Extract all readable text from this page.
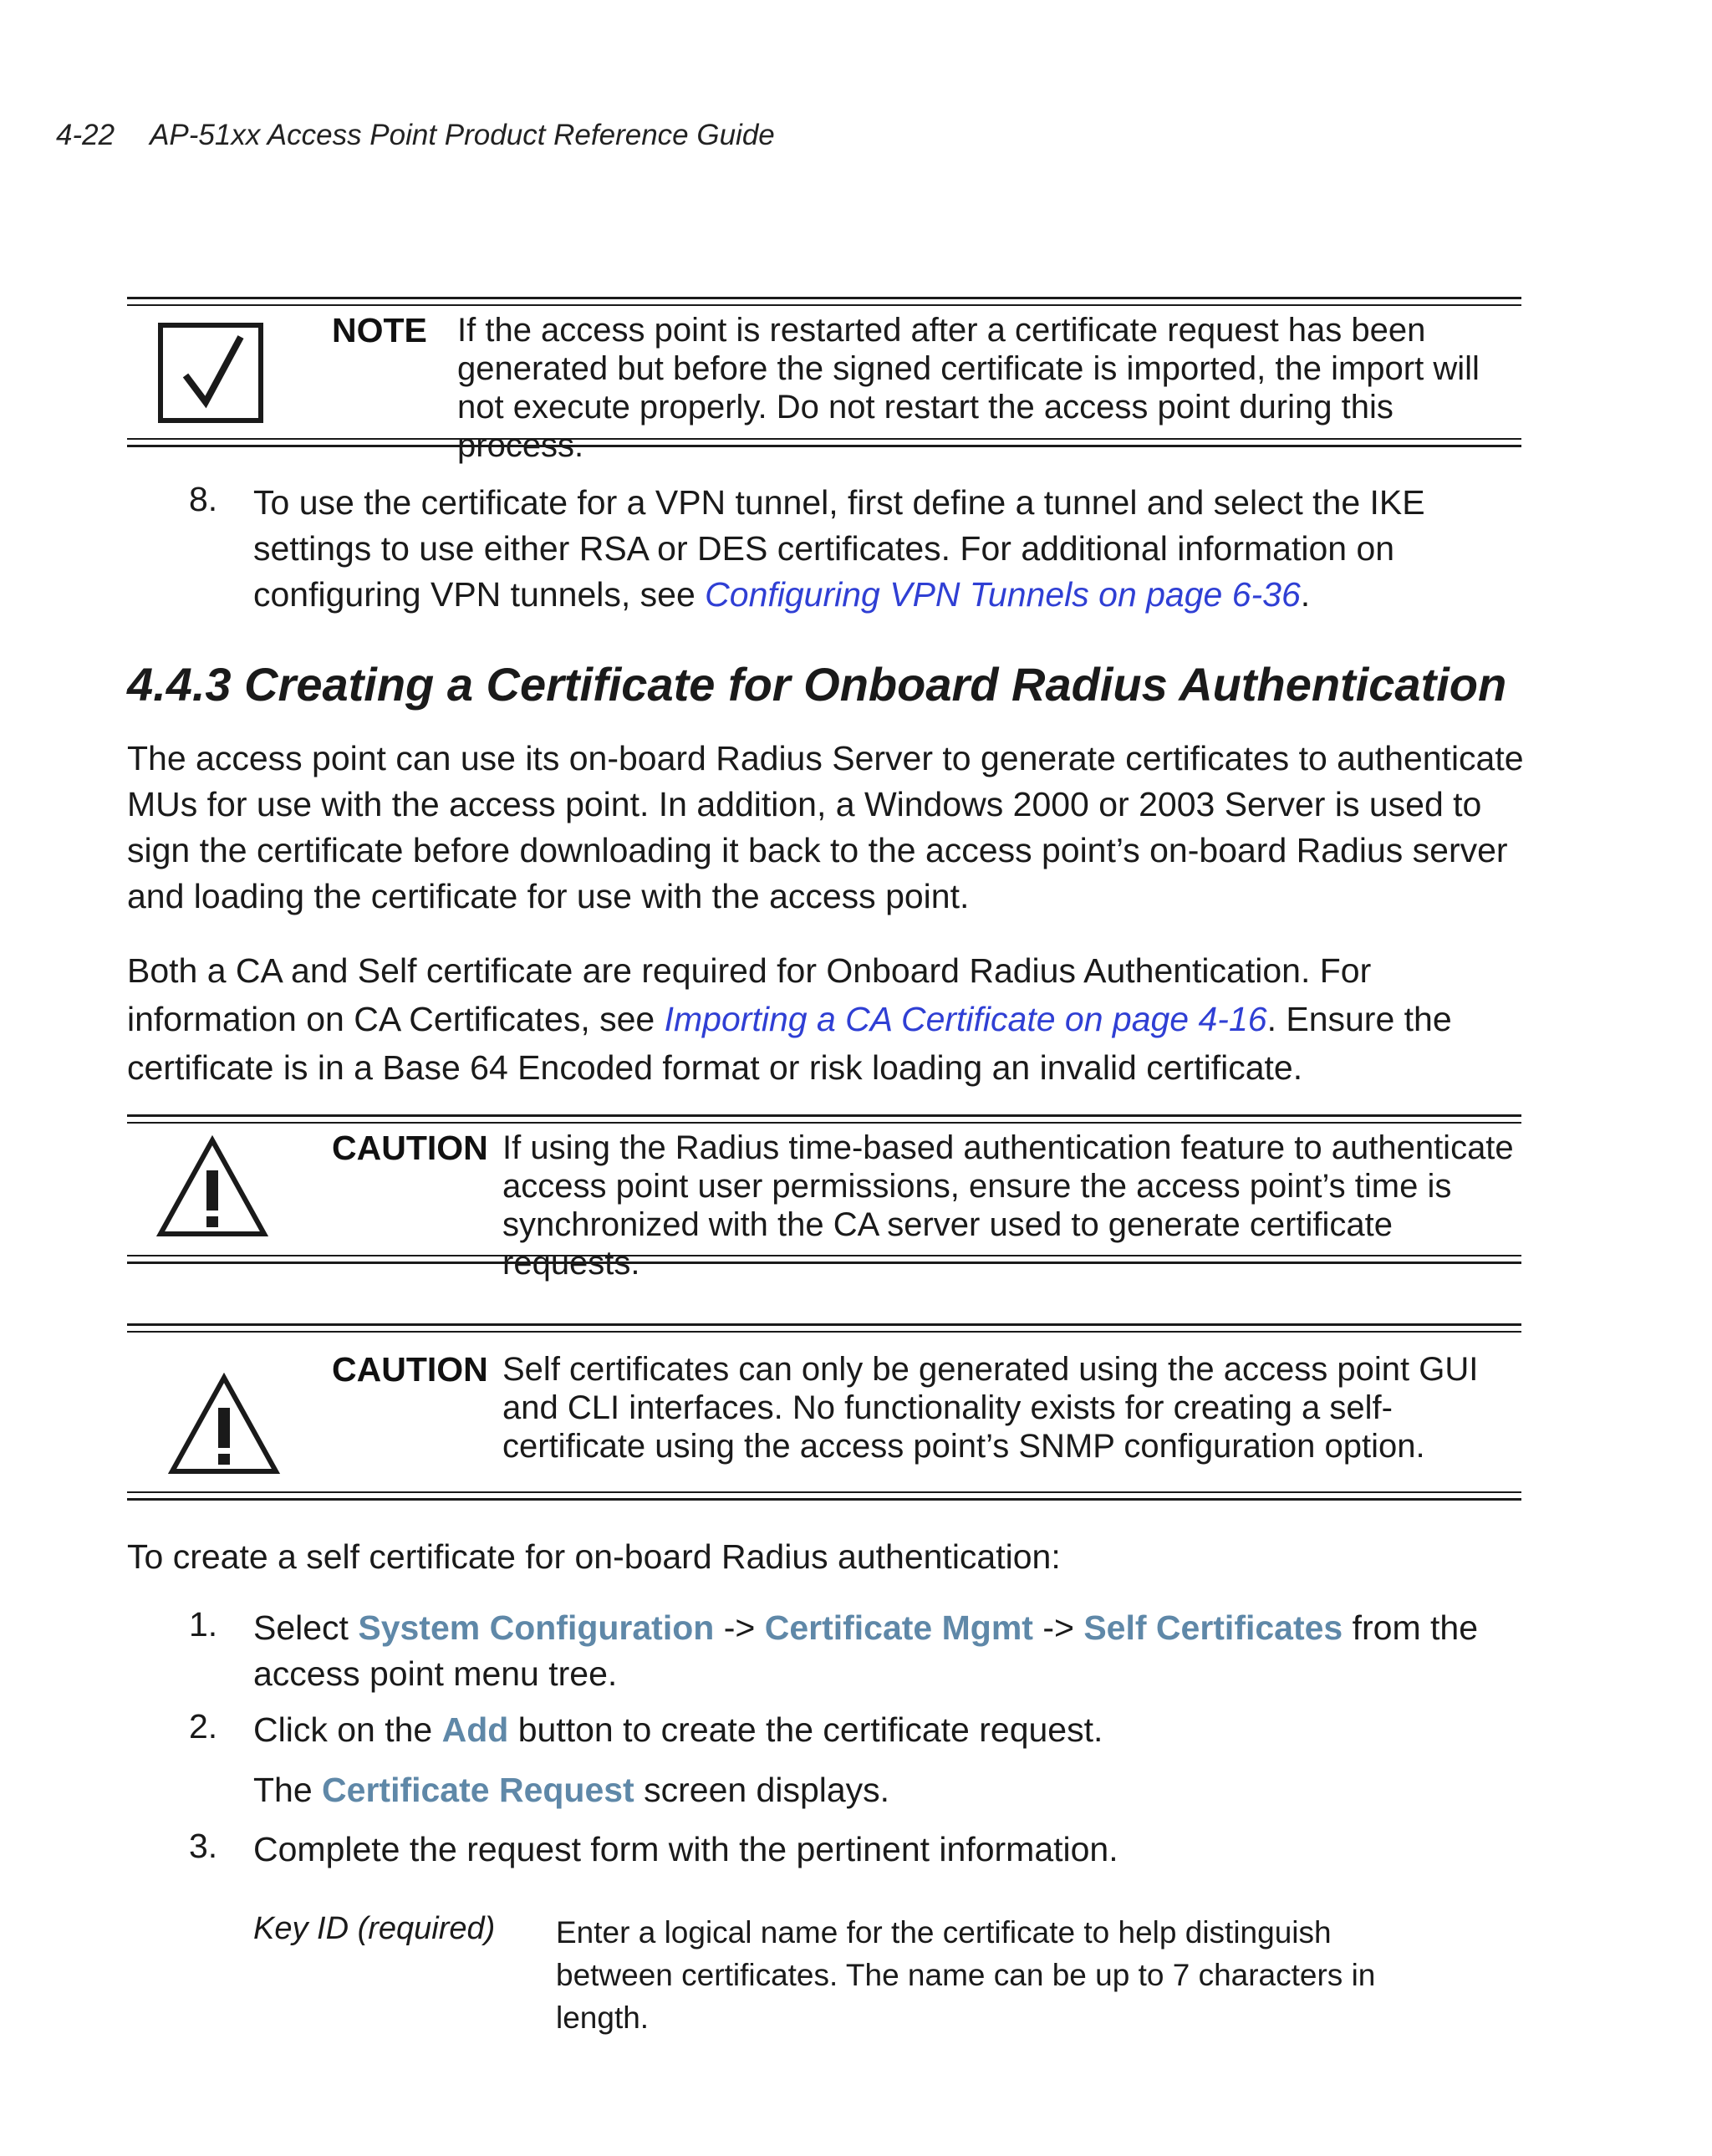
4-22 AP-51xx Access Point Product Reference Guide
NOTE If the access point is restarted after a certificate request has been generated but before the signed certificate is imported, the import will not execute properly. Do not restart the access point during this process.
8. To use the certificate for a VPN tunnel, first define a tunnel and select the IKE settings to use either RSA or DES certificates. For additional information on configuring VPN tunnels, see Configuring VPN Tunnels on page 6-36.
4.4.3 Creating a Certificate for Onboard Radius Authentication
The access point can use its on-board Radius Server to generate certificates to authenticate MUs for use with the access point. In addition, a Windows 2000 or 2003 Server is used to sign the certificate before downloading it back to the access point’s on-board Radius server and loading the certificate for use with the access point.
Both a CA and Self certificate are required for Onboard Radius Authentication. For information on CA Certificates, see Importing a CA Certificate on page 4-16. Ensure the certificate is in a Base 64 Encoded format or risk loading an invalid certificate.
CAUTION If using the Radius time-based authentication feature to authenticate access point user permissions, ensure the access point’s time is synchronized with the CA server used to generate certificate requests.
CAUTION Self certificates can only be generated using the access point GUI and CLI interfaces. No functionality exists for creating a self-certificate using the access point’s SNMP configuration option.
To create a self certificate for on-board Radius authentication:
1. Select System Configuration -> Certificate Mgmt -> Self Certificates from the access point menu tree.
2. Click on the Add button to create the certificate request.
The Certificate Request screen displays.
3. Complete the request form with the pertinent information.
Key ID (required) Enter a logical name for the certificate to help distinguish between certificates. The name can be up to 7 characters in length.
